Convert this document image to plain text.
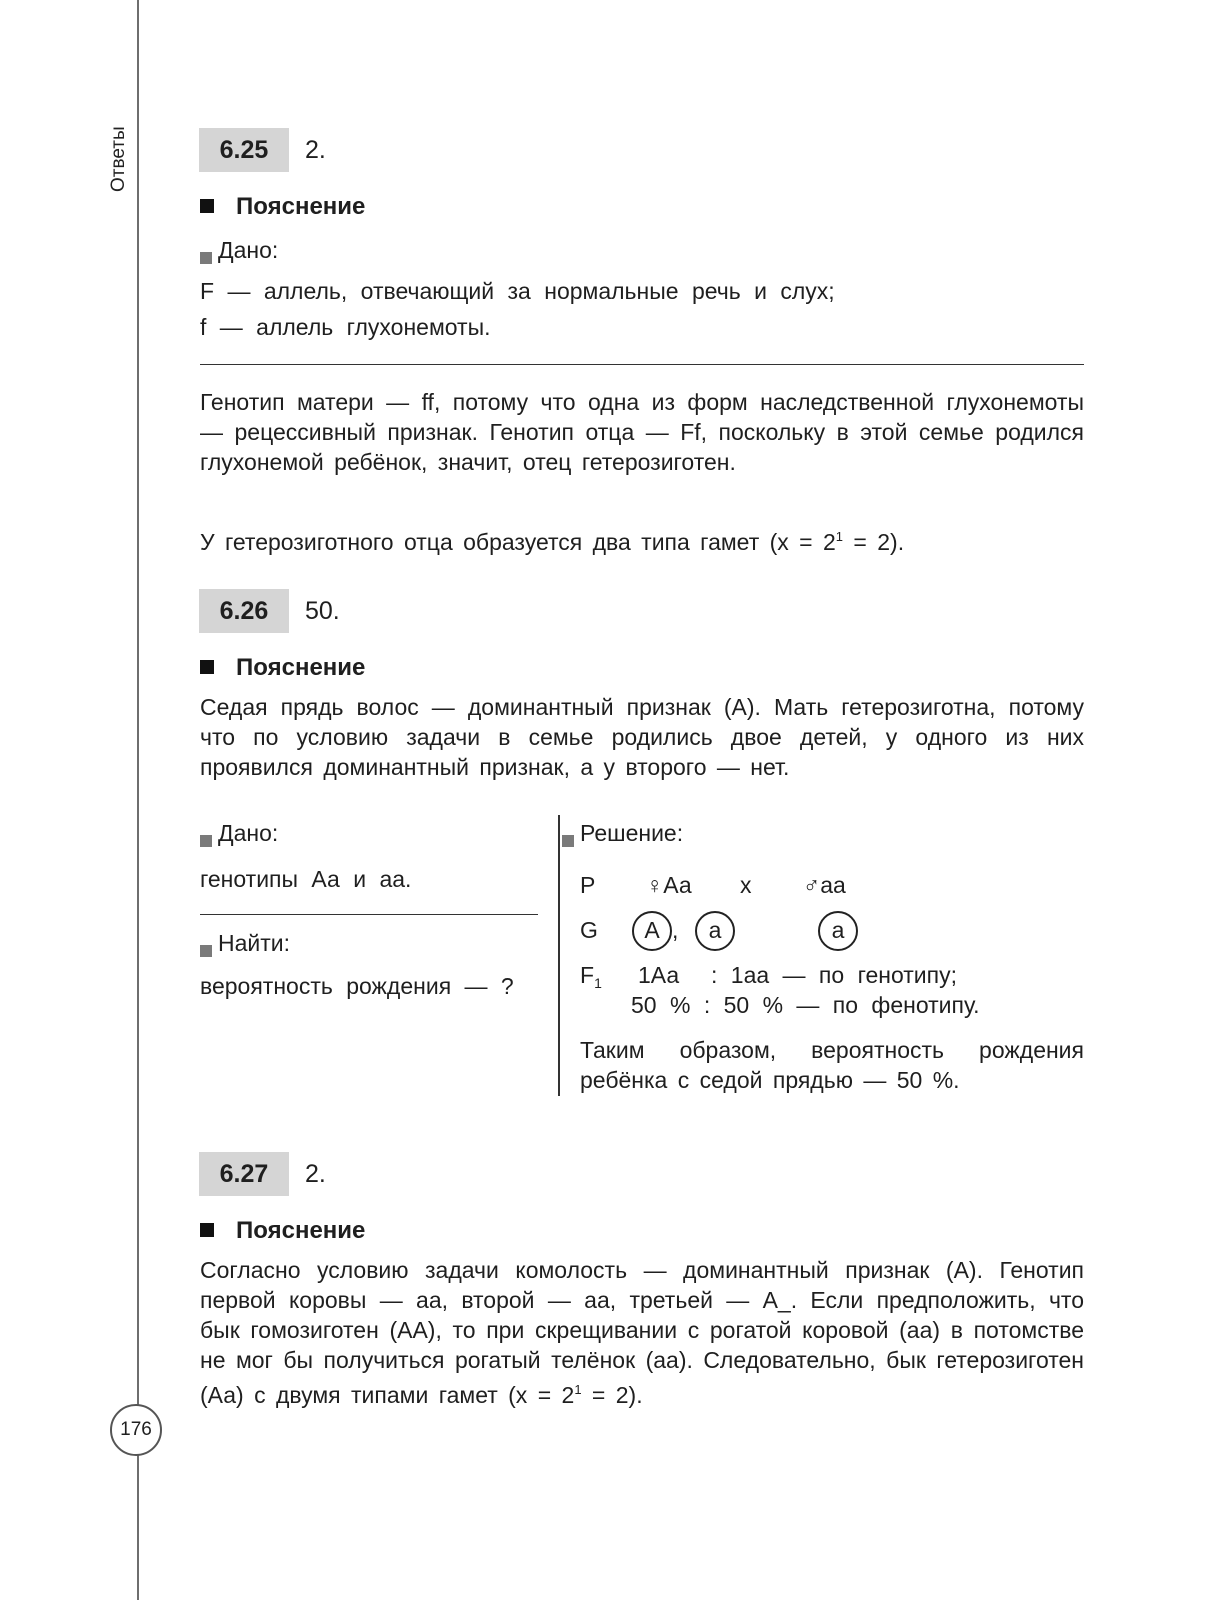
Ответы
176
6.25	2.
Пояснение
Дано:
F — аллель, отвечающий за нормальные речь и слух;
f — аллель глухонемоты.
Генотип матери — ff, потому что одна из форм наследственной глухонемоты — рецессивный признак. Генотип отца — Ff, поскольку в этой семье родился глухонемой ребёнок, значит, отец гетерозиготен.
У гетерозиготного отца образуется два типа гамет $(x = 2^1 = 2)$.
6.26	50.
Пояснение
Седая прядь волос — доминантный признак (А). Мать гетерозиготна, потому что по условию задачи в семье родились двое детей, у одного из них проявился доминантный признак, а у второго — нет.
Дано:
генотипы Аа и аа.
Найти:
вероятность рождения — ?
Решение:
P ♀Аа x ♂аа
G	А ,	а	а
$F_1$ 1Аа : 1аа — по генотипу;
50 % : 50 % — по фенотипу.
Таким образом, вероятность рождения ребёнка с седой прядью — 50 %.
6.27	2.
Пояснение
Согласно условию задачи комолость — доминантный признак (А). Генотип первой коровы — аа, второй — аа, третьей — А_. Если предположить, что бык гомозиготен (АА), то при скрещивании с рогатой коровой (аа) в потомстве не мог бы получиться рогатый телёнок (аа). Следовательно, бык гетерозиготен (Аа) с двумя типами гамет $(x = 2^1 = 2)$.
